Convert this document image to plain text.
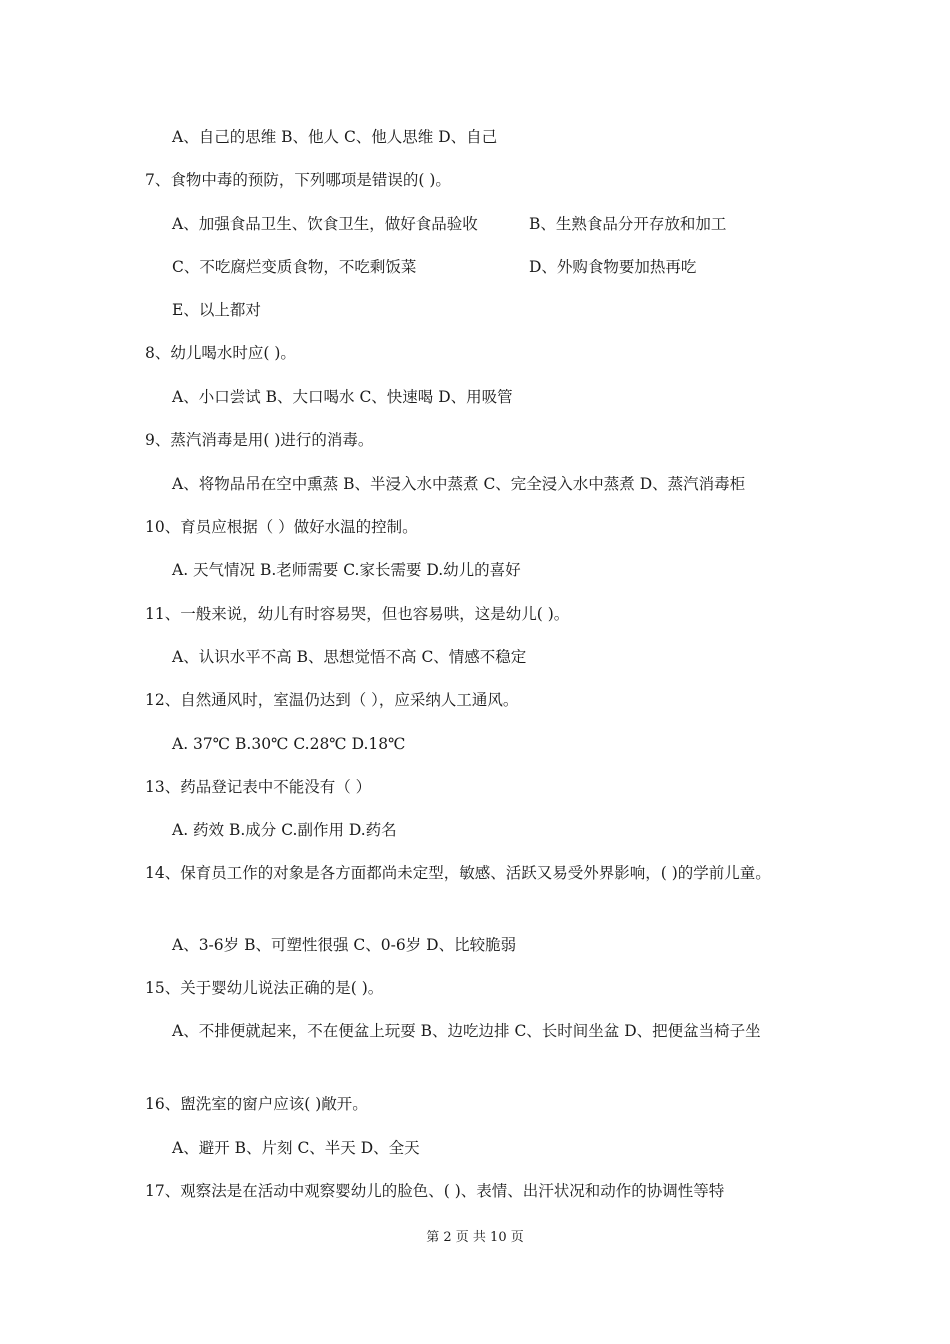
A、自己的思维 B、他人 C、他人思维 D、自己
7、食物中毒的预防，下列哪项是错误的( )。
A、加强食品卫生、饮食卫生，做好食品验收	B、生熟食品分开存放和加工
C、不吃腐烂变质食物，不吃剩饭菜	D、外购食物要加热再吃
E、以上都对
8、幼儿喝水时应( )。
A、小口尝试 B、大口喝水 C、快速喝 D、用吸管
9、蒸汽消毒是用( )进行的消毒。
A、将物品吊在空中熏蒸 B、半浸入水中蒸煮 C、完全浸入水中蒸煮 D、蒸汽消毒柜
10、育员应根据（ ）做好水温的控制。
A. 天气情况 B.老师需要 C.家长需要 D.幼儿的喜好
11、一般来说，幼儿有时容易哭，但也容易哄，这是幼儿( )。
A、认识水平不高 B、思想觉悟不高 C、情感不稳定
12、自然通风时，室温仍达到（ ），应采纳人工通风。
A. 37℃ B.30℃ C.28℃ D.18℃
13、药品登记表中不能没有（ ）
A. 药效 B.成分 C.副作用 D.药名
14、保育员工作的对象是各方面都尚未定型，敏感、活跃又易受外界影响，( )的学前儿童。
A、3-6岁 B、可塑性很强 C、0-6岁 D、比较脆弱
15、关于婴幼儿说法正确的是( )。
A、不排便就起来，不在便盆上玩耍 B、边吃边排 C、长时间坐盆 D、把便盆当椅子坐
16、盥洗室的窗户应该( )敞开。
A、避开 B、片刻 C、半天 D、全天
17、观察法是在活动中观察婴幼儿的脸色、( )、表情、出汗状况和动作的协调性等特
第 2 页 共 10 页
